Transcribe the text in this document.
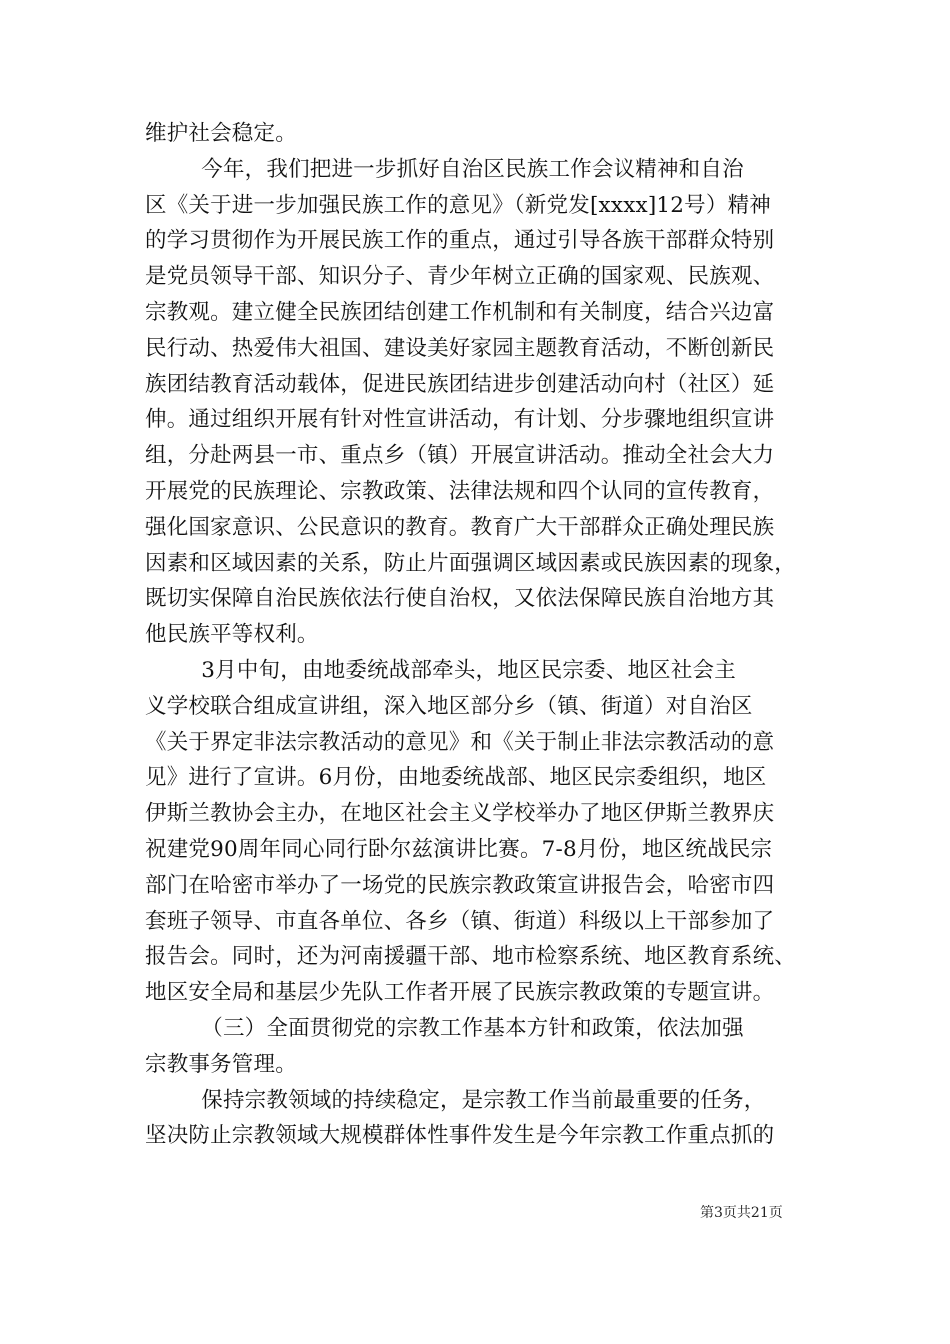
维护社会稳定。
今年，我们把进一步抓好自治区民族工作会议精神和自治
区《关于进一步加强民族工作的意见》（新党发[xxxx]12号）精神
的学习贯彻作为开展民族工作的重点，通过引导各族干部群众特别
是党员领导干部、知识分子、青少年树立正确的国家观、民族观、
宗教观。建立健全民族团结创建工作机制和有关制度，结合兴边富
民行动、热爱伟大祖国、建设美好家园主题教育活动，不断创新民
族团结教育活动载体，促进民族团结进步创建活动向村（社区）延
伸。通过组织开展有针对性宣讲活动，有计划、分步骤地组织宣讲
组，分赴两县一市、重点乡（镇）开展宣讲活动。推动全社会大力
开展党的民族理论、宗教政策、法律法规和四个认同的宣传教育，
强化国家意识、公民意识的教育。教育广大干部群众正确处理民族
因素和区域因素的关系，防止片面强调区域因素或民族因素的现象，
既切实保障自治民族依法行使自治权，又依法保障民族自治地方其
他民族平等权利。
3月中旬，由地委统战部牵头，地区民宗委、地区社会主
义学校联合组成宣讲组，深入地区部分乡（镇、街道）对自治区
《关于界定非法宗教活动的意见》和《关于制止非法宗教活动的意
见》进行了宣讲。6月份，由地委统战部、地区民宗委组织，地区
伊斯兰教协会主办，在地区社会主义学校举办了地区伊斯兰教界庆
祝建党90周年同心同行卧尔兹演讲比赛。7-8月份，地区统战民宗
部门在哈密市举办了一场党的民族宗教政策宣讲报告会，哈密市四
套班子领导、市直各单位、各乡（镇、街道）科级以上干部参加了
报告会。同时，还为河南援疆干部、地市检察系统、地区教育系统、
地区安全局和基层少先队工作者开展了民族宗教政策的专题宣讲。
（三）全面贯彻党的宗教工作基本方针和政策，依法加强
宗教事务管理。
保持宗教领域的持续稳定，是宗教工作当前最重要的任务，
坚决防止宗教领域大规模群体性事件发生是今年宗教工作重点抓的
第3页共21页
